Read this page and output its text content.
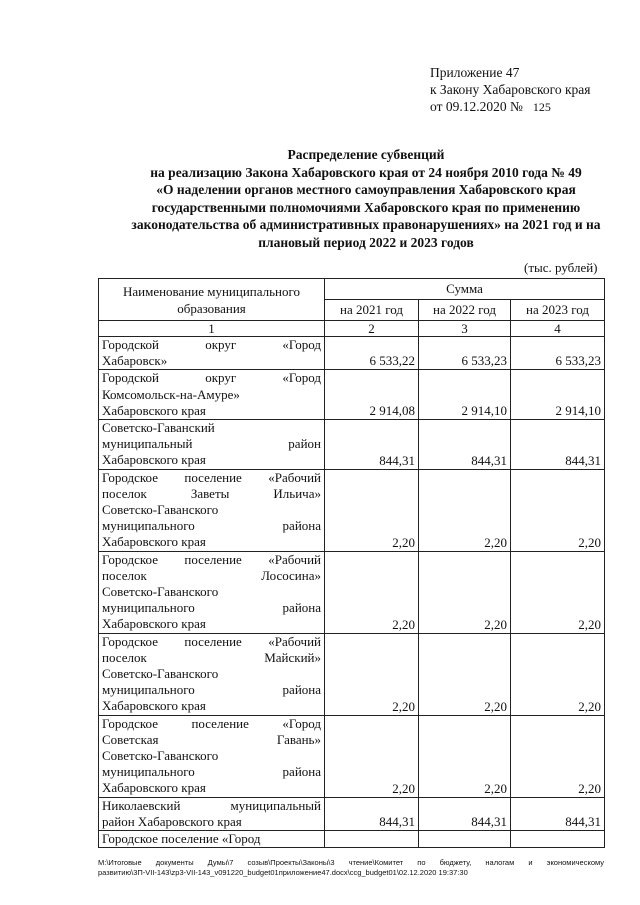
Приложение 47
к Закону Хабаровского края
от 09.12.2020 № 125
Распределение субвенций
на реализацию Закона Хабаровского края от 24 ноября 2010 года № 49
«О наделении органов местного самоуправления Хабаровского края
государственными полномочиями Хабаровского края по применению
законодательства об административных правонарушениях» на 2021 год и на
плановый период 2022 и 2023 годов
(тыс. рублей)
Наименование муниципального
образования	Сумма		
	на 2021 год	на 2022 год	на 2023 год
1	2	3	4

Городской округ «Город
Хабаровск»	6 533,22	6 533,23	6 533,23

Городской округ «Город
Комсомольск-на-Амуре»
Хабаровского края	2 914,08	2 914,10	2 914,10

Советско-Гаванский
муниципальный район
Хабаровского края	844,31	844,31	844,31

Городское поселение «Рабочий
поселок Заветы Ильича»
Советско-Гаванского
муниципального района
Хабаровского края	2,20	2,20	2,20

Городское поселение «Рабочий
поселок Лососина»
Советско-Гаванского
муниципального района
Хабаровского края	2,20	2,20	2,20

Городское поселение «Рабочий
поселок Майский»
Советско-Гаванского
муниципального района
Хабаровского края	2,20	2,20	2,20

Городское поселение «Город
Советская Гавань»
Советско-Гаванского
муниципального района
Хабаровского края	2,20	2,20	2,20

Николаевский муниципальный
район Хабаровского края	844,31	844,31	844,31

Городское поселение «Город			

M:\Итоговые документы Думы\7 созыв\Проекты\Законы\3 чтение\Комитет по бюджету, налогам и экономическому
развитию\3П-VII-143\zp3-VII-143_v091220_budget01приложение47.docx\ccg_budget01\02.12.2020 19:37:30
